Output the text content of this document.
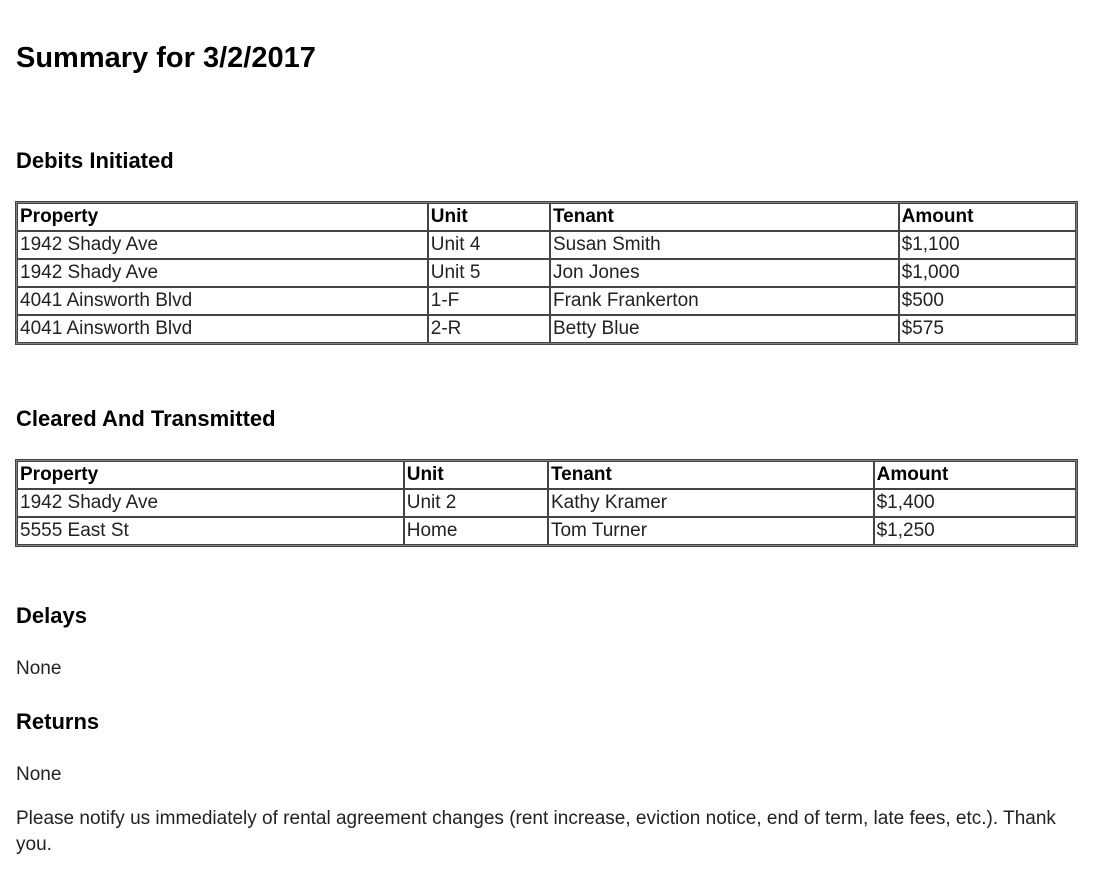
Summary for 3/2/2017
Debits Initiated
Property	Unit	Tenant	Amount
1942 Shady Ave	Unit 4	Susan Smith	$1,100
1942 Shady Ave	Unit 5	Jon Jones	$1,000
4041 Ainsworth Blvd	1-F	Frank Frankerton	$500
4041 Ainsworth Blvd	2-R	Betty Blue	$575
Cleared And Transmitted
Property	Unit	Tenant	Amount
1942 Shady Ave	Unit 2	Kathy Kramer	$1,400
5555 East St	Home	Tom Turner	$1,250
Delays

None

Returns

None

Please notify us immediately of rental agreement changes (rent increase, eviction notice, end of term, late fees, etc.). Thank you.
